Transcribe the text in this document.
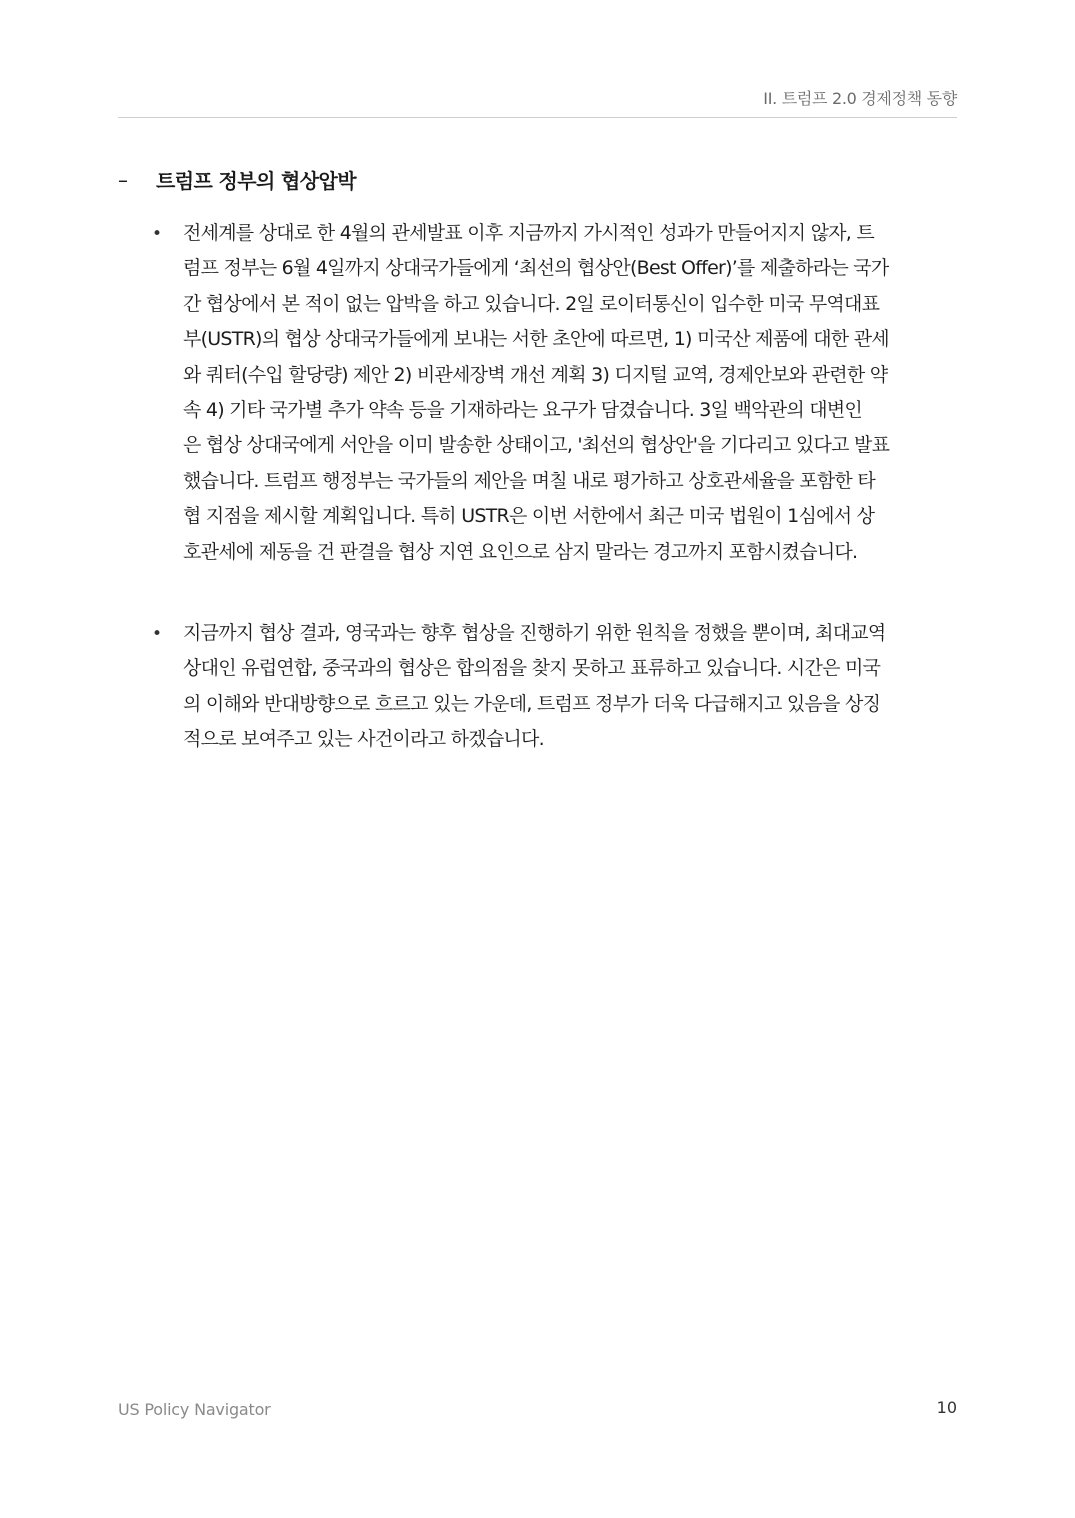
II. 트럼프 2.0 경제정책 동향
–	트럼프 정부의 협상압박
• 전세계를 상대로 한 4월의 관세발표 이후 지금까지 가시적인 성과가 만들어지지 않자, 트
럼프 정부는 6월 4일까지 상대국가들에게 ‘최선의 협상안(Best Offer)’를 제출하라는 국가
간 협상에서 본 적이 없는 압박을 하고 있습니다. 2일 로이터통신이 입수한 미국 무역대표
부(USTR)의 협상 상대국가들에게 보내는 서한 초안에 따르면, 1) 미국산 제품에 대한 관세
와 쿼터(수입 할당량) 제안 2) 비관세장벽 개선 계획 3) 디지털 교역, 경제안보와 관련한 약
속 4) 기타 국가별 추가 약속 등을 기재하라는 요구가 담겼습니다. 3일 백악관의 대변인
은 협상 상대국에게 서안을 이미 발송한 상태이고, '최선의 협상안'을 기다리고 있다고 발표
했습니다. 트럼프 행정부는 국가들의 제안을 며칠 내로 평가하고 상호관세율을 포함한 타
협 지점을 제시할 계획입니다. 특히 USTR은 이번 서한에서 최근 미국 법원이 1심에서 상
호관세에 제동을 건 판결을 협상 지연 요인으로 삼지 말라는 경고까지 포함시켰습니다.
• 지금까지 협상 결과, 영국과는 향후 협상을 진행하기 위한 원칙을 정했을 뿐이며, 최대교역
상대인 유럽연합, 중국과의 협상은 합의점을 찾지 못하고 표류하고 있습니다. 시간은 미국
의 이해와 반대방향으로 흐르고 있는 가운데, 트럼프 정부가 더욱 다급해지고 있음을 상징
적으로 보여주고 있는 사건이라고 하겠습니다.
US Policy Navigator	10
